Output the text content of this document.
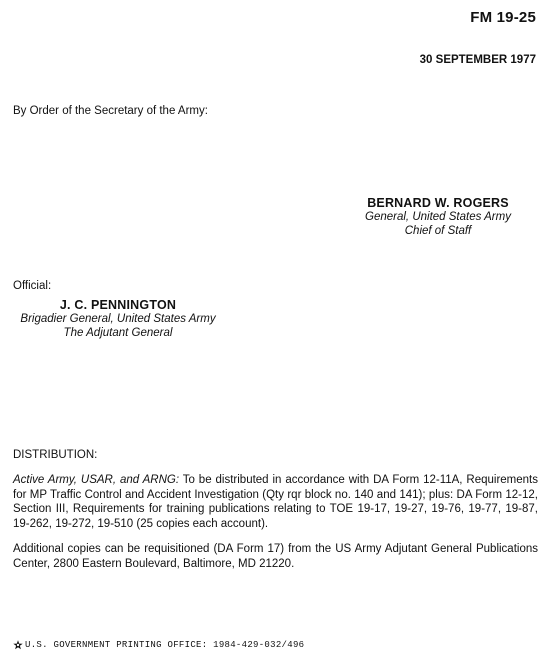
FM 19-25
30 SEPTEMBER 1977
By Order of the Secretary of the Army:
BERNARD W. ROGERS
General, United States Army
Chief of Staff
Official:
J. C. PENNINGTON
Brigadier General, United States Army
The Adjutant General
DISTRIBUTION:
Active Army, USAR, and ARNG: To be distributed in accordance with DA Form 12-11A, Requirements for MP Traffic Control and Accident Investigation (Qty rqr block no. 140 and 141); plus: DA Form 12-12, Section III, Requirements for training publications relating to TOE 19-17, 19-27, 19-76, 19-77, 19-87, 19-262, 19-272, 19-510 (25 copies each account).
Additional copies can be requisitioned (DA Form 17) from the US Army Adjutant General Publications Center, 2800 Eastern Boulevard, Baltimore, MD 21220.
U.S. GOVERNMENT PRINTING OFFICE: 1984-429-032/496
